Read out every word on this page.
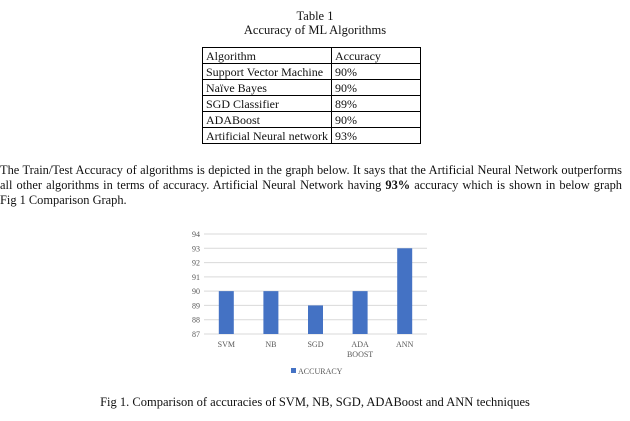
Table 1
Accuracy of ML Algorithms
Algorithm	Accuracy
Support Vector Machine	90%
Naïve Bayes	90%
SGD Classifier	89%
ADABoost	90%
Artificial Neural network	93%
The Train/Test Accuracy of algorithms is depicted in the graph below. It says that the Artificial Neural Network outperforms all other algorithms in terms of accuracy. Artificial Neural Network having 93% accuracy which is shown in below graph Fig 1 Comparison Graph.
87
88
89
90
91
92
93
94
SVM	NB	SGD	ADA
BOOST
ANN
ACCURACY
Fig 1. Comparison of accuracies of SVM, NB, SGD, ADABoost and ANN techniques
